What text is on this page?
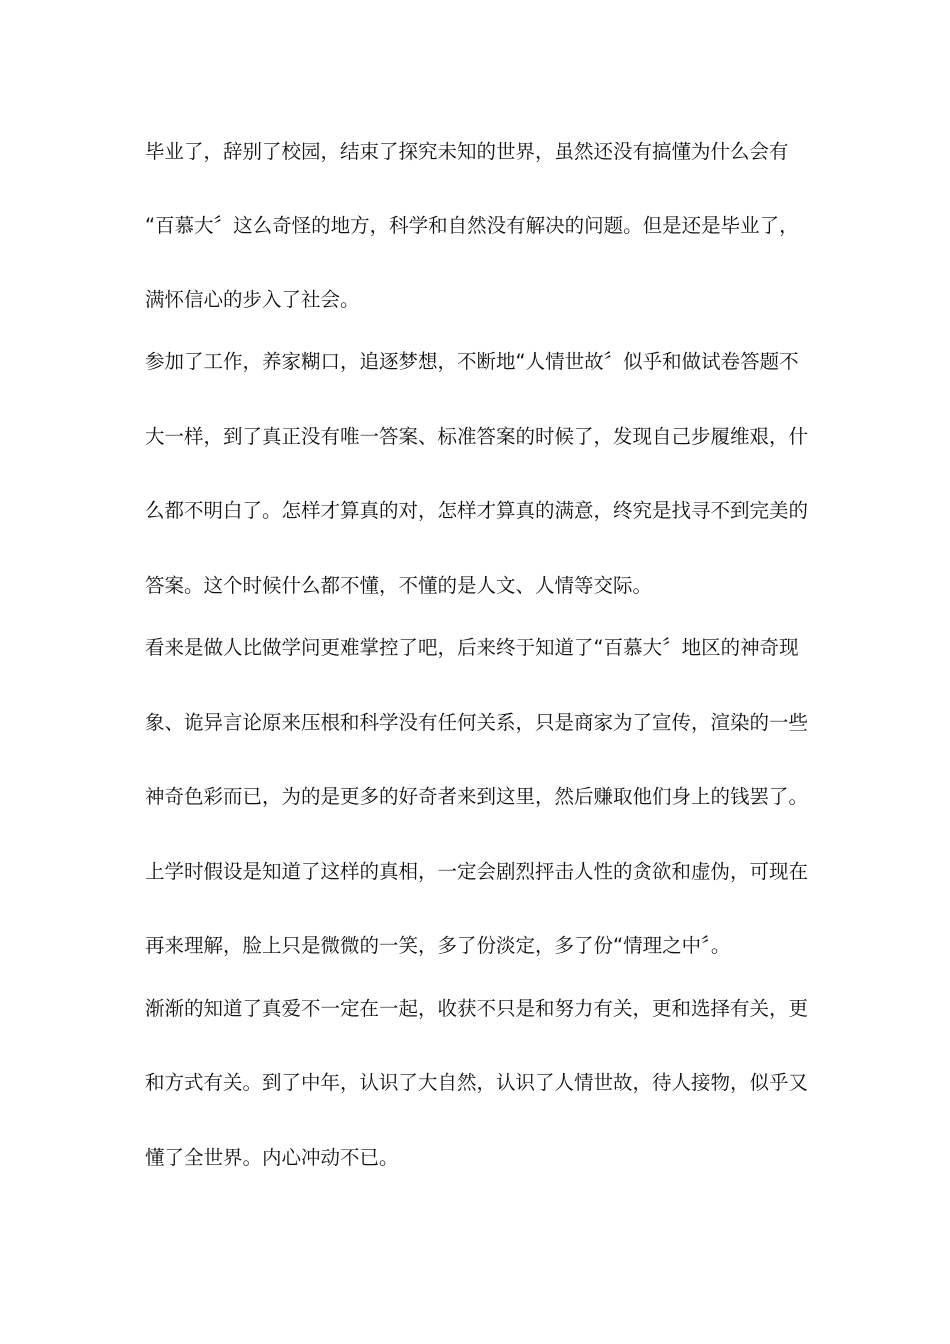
毕业了，辞别了校园，结束了探究未知的世界，虽然还没有搞懂为什么会有
“百慕大〞这么奇怪的地方，科学和自然没有解决的问题。但是还是毕业了，
满怀信心的步入了社会。
参加了工作，养家糊口，追逐梦想，不断地“人情世故〞似乎和做试卷答题不
大一样，到了真正没有唯一答案、标准答案的时候了，发现自己步履维艰，什
么都不明白了。怎样才算真的对，怎样才算真的满意，终究是找寻不到完美的
答案。这个时候什么都不懂，不懂的是人文、人情等交际。
看来是做人比做学问更难掌控了吧，后来终于知道了“百慕大〞地区的神奇现
象、诡异言论原来压根和科学没有任何关系，只是商家为了宣传，渲染的一些
神奇色彩而已，为的是更多的好奇者来到这里，然后赚取他们身上的钱罢了。
上学时假设是知道了这样的真相，一定会剧烈抨击人性的贪欲和虚伪，可现在
再来理解，脸上只是微微的一笑，多了份淡定，多了份“情理之中〞。
渐渐的知道了真爱不一定在一起，收获不只是和努力有关，更和选择有关，更
和方式有关。到了中年，认识了大自然，认识了人情世故，待人接物，似乎又
懂了全世界。内心冲动不已。
